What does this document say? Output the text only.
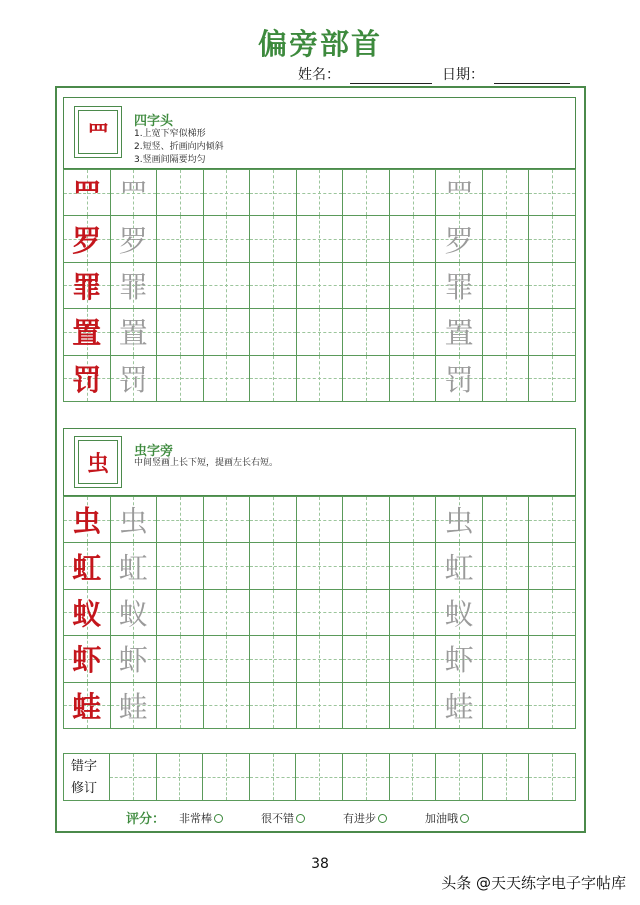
偏旁部首
姓名：	日期：
罒	四字头
1.上宽下窄似梯形
2.短竖、折画向内倾斜
3.竖画间隔要均匀
虫	虫字旁
中间竖画上长下短，提画左长右短。
罒 罒	罒
罗 罗	罗
罪 罪	罪
置 置	置
罚 罚	罚
虫 虫	虫
虹 虹	虹
蚁 蚁	蚁
虾 虾	虾
蛙 蛙	蛙
错字
修订
评分： 非常棒	很不错	有进步	加油哦
38
头条 @天天练字电子字帖库
